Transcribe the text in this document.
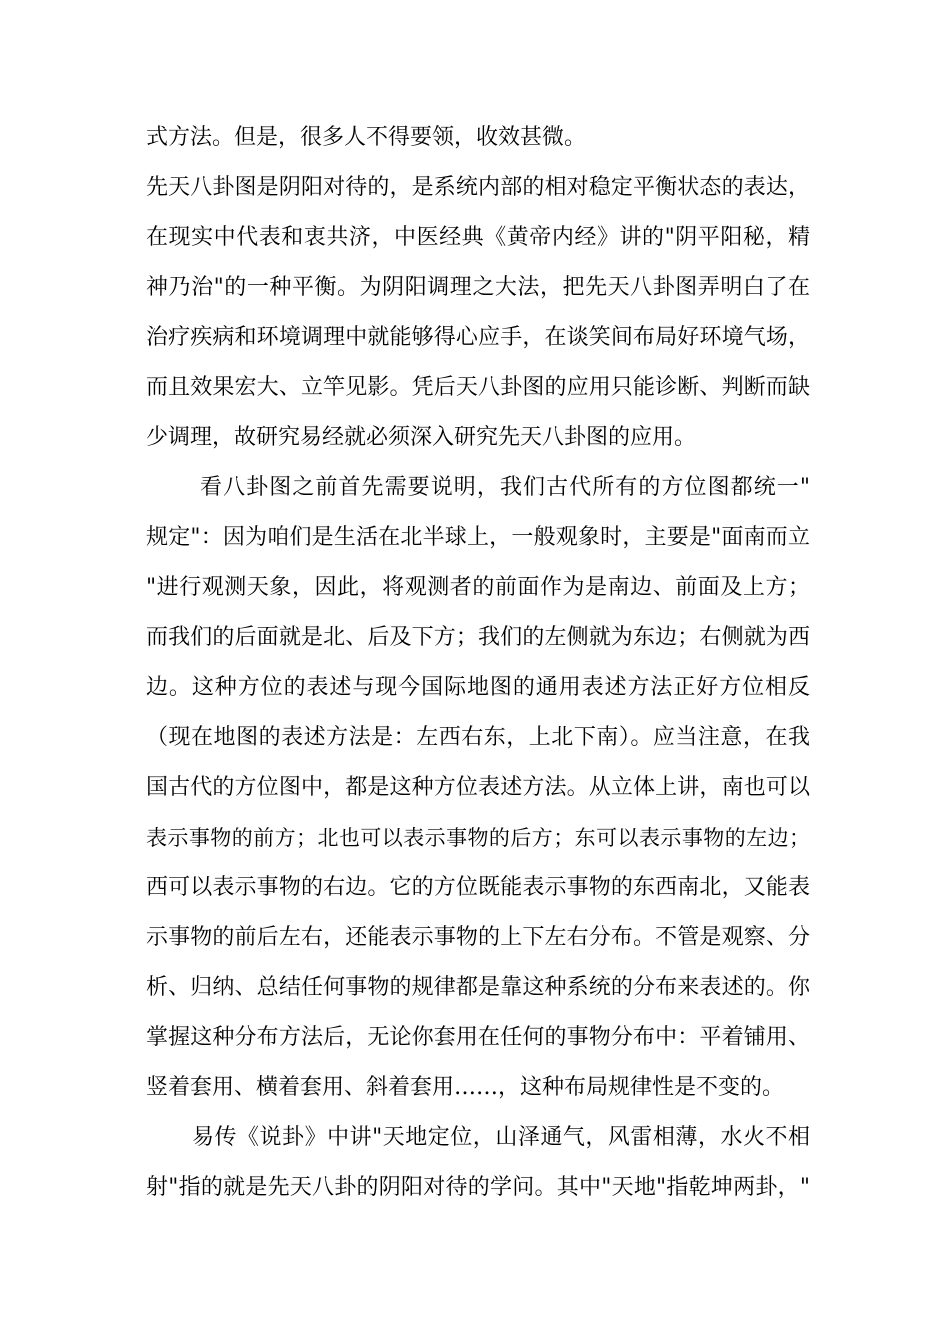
式方法。但是，很多人不得要领，收效甚微。
先天八卦图是阴阳对待的，是系统内部的相对稳定平衡状态的表达，
在现实中代表和衷共济，中医经典《黄帝内经》讲的"阴平阳秘，精
神乃治"的一种平衡。为阴阳调理之大法，把先天八卦图弄明白了在
治疗疾病和环境调理中就能够得心应手，在谈笑间布局好环境气场，
而且效果宏大、立竿见影。凭后天八卦图的应用只能诊断、判断而缺
少调理，故研究易经就必须深入研究先天八卦图的应用。
看八卦图之前首先需要说明，我们古代所有的方位图都统一"
规定"：因为咱们是生活在北半球上，一般观象时，主要是"面南而立
"进行观测天象，因此，将观测者的前面作为是南边、前面及上方；
而我们的后面就是北、后及下方；我们的左侧就为东边；右侧就为西
边。这种方位的表述与现今国际地图的通用表述方法正好方位相反
（现在地图的表述方法是：左西右东，上北下南）。应当注意，在我
国古代的方位图中，都是这种方位表述方法。从立体上讲，南也可以
表示事物的前方；北也可以表示事物的后方；东可以表示事物的左边；
西可以表示事物的右边。它的方位既能表示事物的东西南北，又能表
示事物的前后左右，还能表示事物的上下左右分布。不管是观察、分
析、归纳、总结任何事物的规律都是靠这种系统的分布来表述的。你
掌握这种分布方法后，无论你套用在任何的事物分布中：平着铺用、
竖着套用、横着套用、斜着套用……，这种布局规律性是不变的。
易传《说卦》中讲"天地定位，山泽通气，风雷相薄，水火不相
射"指的就是先天八卦的阴阳对待的学问。其中"天地"指乾坤两卦，"
